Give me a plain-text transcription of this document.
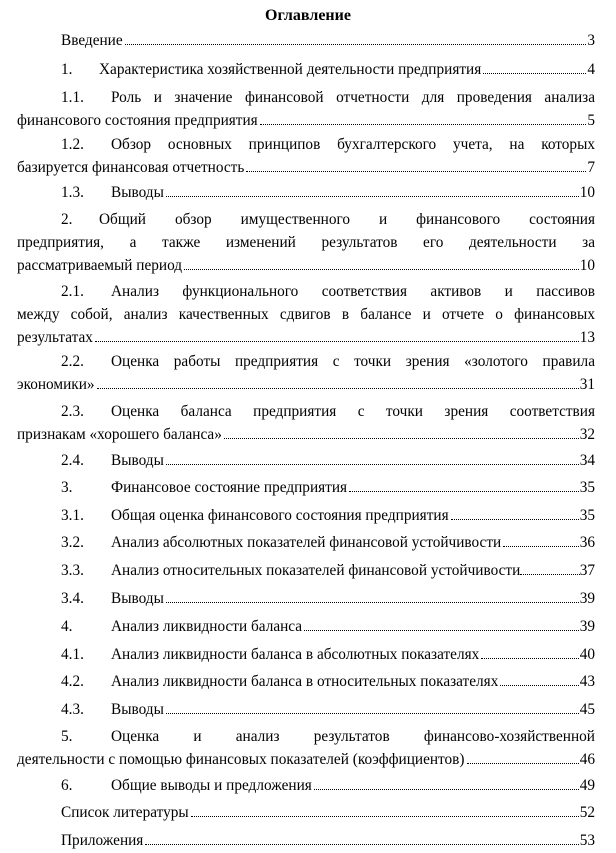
Оглавление
Введение	3
1.	Характеристика хозяйственной деятельности предприятия	4
1.1. Роль и значение финансовой отчетности для проведения анализа
финансового состояния предприятия	5
1.2. Обзор основных принципов бухгалтерского учета, на которых
базируется финансовая отчетность	7
1.3.	Выводы	10
2. Общий обзор имущественного и финансового состояния
предприятия, а также изменений результатов его деятельности за
рассматриваемый период	10
2.1. Анализ функционального соответствия активов и пассивов
между собой, анализ качественных сдвигов в балансе и отчете о финансовых
результатах	13
2.2. Оценка работы предприятия с точки зрения «золотого правила
экономики»	31
2.3. Оценка баланса предприятия с точки зрения соответствия
признакам «хорошего баланса»	32
2.4.	Выводы	34
3.	Финансовое состояние предприятия	35
3.1.	Общая оценка финансового состояния предприятия	35
3.2.	Анализ абсолютных показателей финансовой устойчивости	36
3.3.	Анализ относительных показателей финансовой устойчивости	37
3.4.	Выводы	39
4.	Анализ ликвидности баланса	39
4.1.	Анализ ликвидности баланса в абсолютных показателях	40
4.2.	Анализ ликвидности баланса в относительных показателях	43
4.3.	Выводы	45
5.	Оценка и анализ результатов финансово-хозяйственной
деятельности с помощью финансовых показателей (коэффициентов)	46
6.	Общие выводы и предложения	49
Список литературы	52
Приложения	53
